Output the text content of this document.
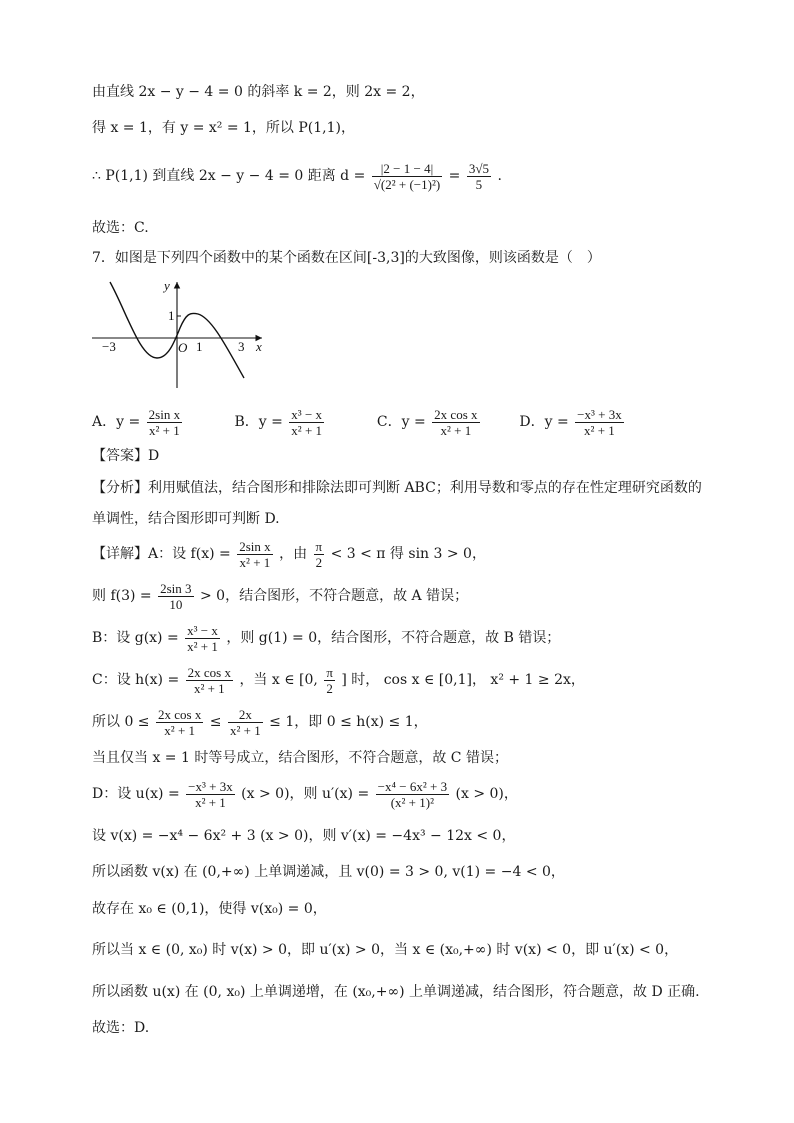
由直线 2x − y − 4 = 0 的斜率 k = 2，则 2x = 2，
得 x = 1，有 y = x² = 1，所以 P(1,1)，
∴ P(1,1) 到直线 2x − y − 4 = 0 距离 $d = \frac{|2 - 1 - 4|}{\text{√(2² + (−1)²)}} = \frac{3√5}{5}$ .
故选：C.
7．如图是下列四个函数中的某个函数在区间[-3,3]的大致图像，则该函数是（　）
y
x
O
−3	1	3
1
A．$y = \frac{\text{2sin x}}{\text{x² + 1}}$	B．$y = \frac{\text{x³ − x}}{\text{x² + 1}}$	C．$y = \frac{\text{2x cos x}}{\text{x² + 1}}$	D．$y = \frac{\text{−x³ + 3x}}{\text{x² + 1}}$
【答案】D
【分析】利用赋值法，结合图形和排除法即可判断 ABC；利用导数和零点的存在性定理研究函数的
单调性，结合图形即可判断 D.
【详解】A：设 $f(x) = \frac{\text{2sin x}}{\text{x² + 1}}$ ，由 $\frac{\pi}{2} < 3 < \pi$ 得 sin 3 > 0，
则 $f(3) = \frac{2\sin 3}{10} > 0$，结合图形，不符合题意，故 A 错误；
B：设 $g(x) = \frac{\text{x³ − x}}{\text{x² + 1}}$ ，则 g(1) = 0，结合图形，不符合题意，故 B 错误；
C：设 $h(x) = \frac{\text{2x cos x}}{\text{x² + 1}}$ ，当 x ∈ [0, $\frac{\pi}{2}$ ] 时， cos x ∈ [0,1]， x² + 1 ≥ 2x，
所以 $0 \le \frac{\text{2x cos x}}{\text{x² + 1}} \le \frac{2x}{\text{x² + 1}} \le 1$，即 0 ≤ h(x) ≤ 1，
当且仅当 x = 1 时等号成立，结合图形，不符合题意，故 C 错误；
D：设 $u(x) = \frac{\text{−x³ + 3x}}{\text{x² + 1}} (x > 0)$，则 $u'(x) = \frac{\text{−x⁴ − 6x² + 3}}{\text{(x² + 1)²}} (x > 0)$，
设 v(x) = −x⁴ − 6x² + 3 (x > 0)，则 v′(x) = −4x³ − 12x < 0，
所以函数 v(x) 在 (0,+∞) 上单调递减，且 v(0) = 3 > 0, v(1) = −4 < 0，
故存在 x₀ ∈ (0,1)，使得 v(x₀) = 0，
所以当 x ∈ (0, x₀) 时 v(x) > 0，即 u′(x) > 0，当 x ∈ (x₀,+∞) 时 v(x) < 0，即 u′(x) < 0，
所以函数 u(x) 在 (0, x₀) 上单调递增，在 (x₀,+∞) 上单调递减，结合图形，符合题意，故 D 正确.
故选：D.
